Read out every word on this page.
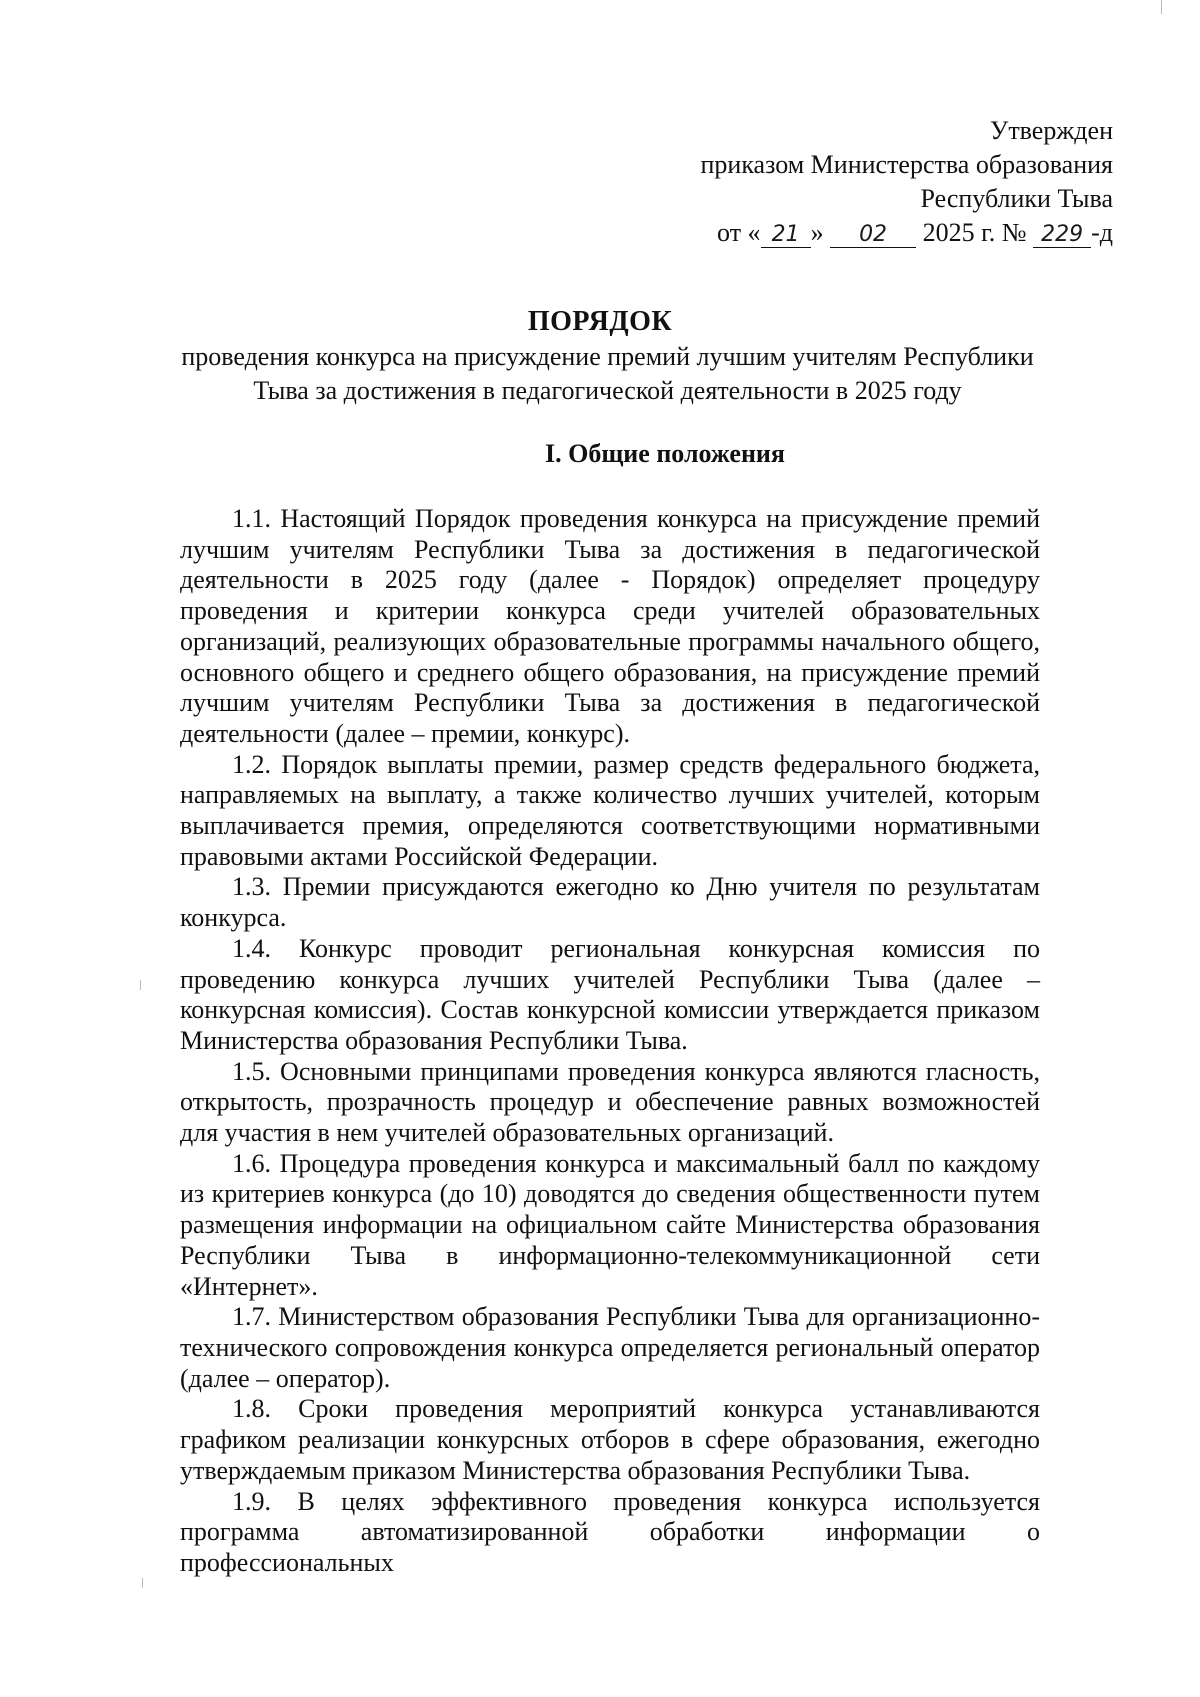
Утвержден
приказом Министерства образования
Республики Тыва
от « 21 » 02 2025 г. № 229 -д
ПОРЯДОК
проведения конкурса на присуждение премий лучшим учителям Республики Тыва за достижения в педагогической деятельности в 2025 году
I. Общие положения

1.1. Настоящий Порядок проведения конкурса на присуждение премий лучшим учителям Республики Тыва за достижения в педагогической деятельности в 2025 году (далее - Порядок) определяет процедуру проведения и критерии конкурса среди учителей образовательных организаций, реализующих образовательные программы начального общего, основного общего и среднего общего образования, на присуждение премий лучшим учителям Республики Тыва за достижения в педагогической деятельности (далее – премии, конкурс).

1.2. Порядок выплаты премии, размер средств федерального бюджета, направляемых на выплату, а также количество лучших учителей, которым выплачивается премия, определяются соответствующими нормативными правовыми актами Российской Федерации.

1.3. Премии присуждаются ежегодно ко Дню учителя по результатам конкурса.

1.4. Конкурс проводит региональная конкурсная комиссия по проведению конкурса лучших учителей Республики Тыва (далее – конкурсная комиссия). Состав конкурсной комиссии утверждается приказом Министерства образования Республики Тыва.

1.5. Основными принципами проведения конкурса являются гласность, открытость, прозрачность процедур и обеспечение равных возможностей для участия в нем учителей образовательных организаций.

1.6. Процедура проведения конкурса и максимальный балл по каждому из критериев конкурса (до 10) доводятся до сведения общественности путем размещения информации на официальном сайте Министерства образования Республики Тыва в информационно-телекоммуникационной сети «Интернет».

1.7. Министерством образования Республики Тыва для организационно-технического сопровождения конкурса определяется региональный оператор (далее – оператор).

1.8. Сроки проведения мероприятий конкурса устанавливаются графиком реализации конкурсных отборов в сфере образования, ежегодно утверждаемым приказом Министерства образования Республики Тыва.

1.9. В целях эффективного проведения конкурса используется программа автоматизированной обработки информации о профессиональных
